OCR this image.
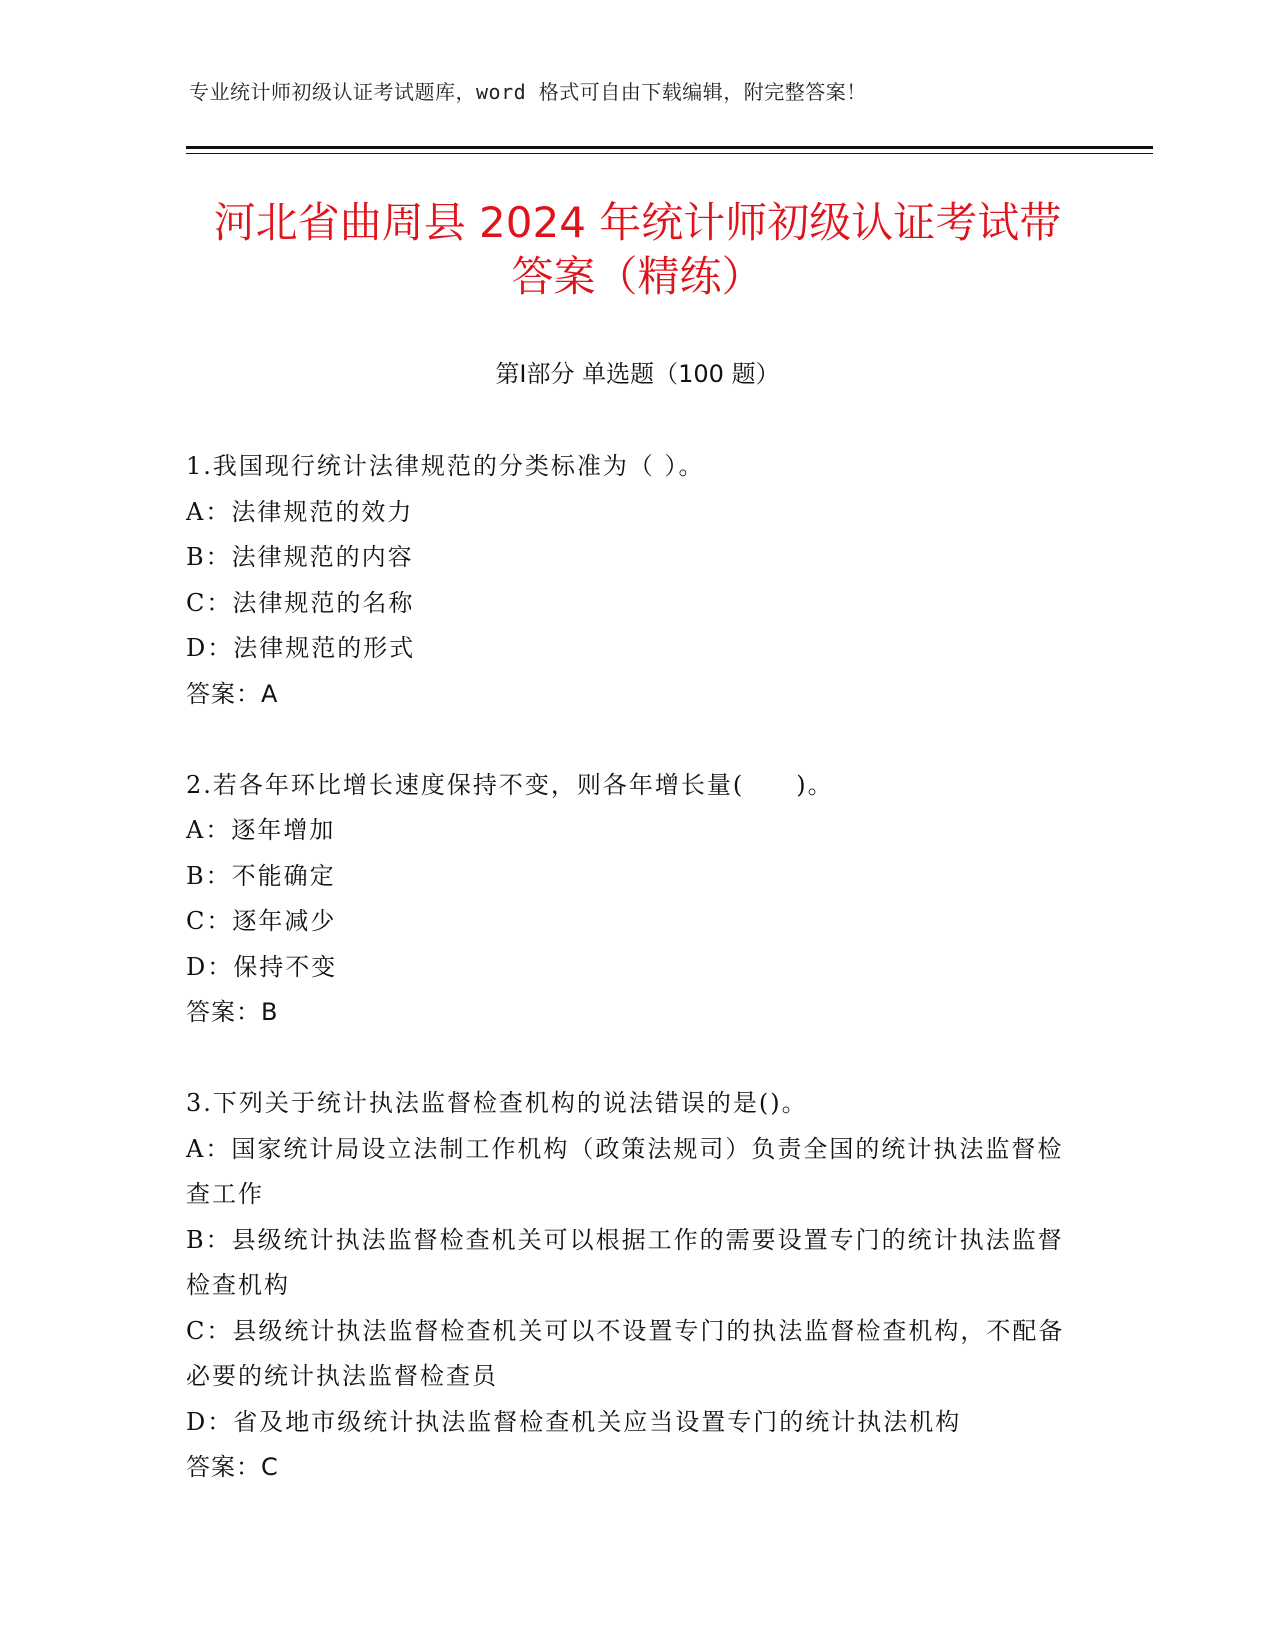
专业统计师初级认证考试题库，word 格式可自由下载编辑，附完整答案！
河北省曲周县 2024 年统计师初级认证考试带
答案（精练）
第Ⅰ部分 单选题（100 题）
1.我国现行统计法律规范的分类标准为（ ）。
A：法律规范的效力
B：法律规范的内容
C：法律规范的名称
D：法律规范的形式
答案：A
2.若各年环比增长速度保持不变，则各年增长量(　　)。
A：逐年增加
B：不能确定
C：逐年减少
D：保持不变
答案：B
3.下列关于统计执法监督检查机构的说法错误的是()。
A：国家统计局设立法制工作机构（政策法规司）负责全国的统计执法监督检查工作
B：县级统计执法监督检查机关可以根据工作的需要设置专门的统计执法监督检查机构
C：县级统计执法监督检查机关可以不设置专门的执法监督检查机构，不配备必要的统计执法监督检查员
D：省及地市级统计执法监督检查机关应当设置专门的统计执法机构
答案：C
